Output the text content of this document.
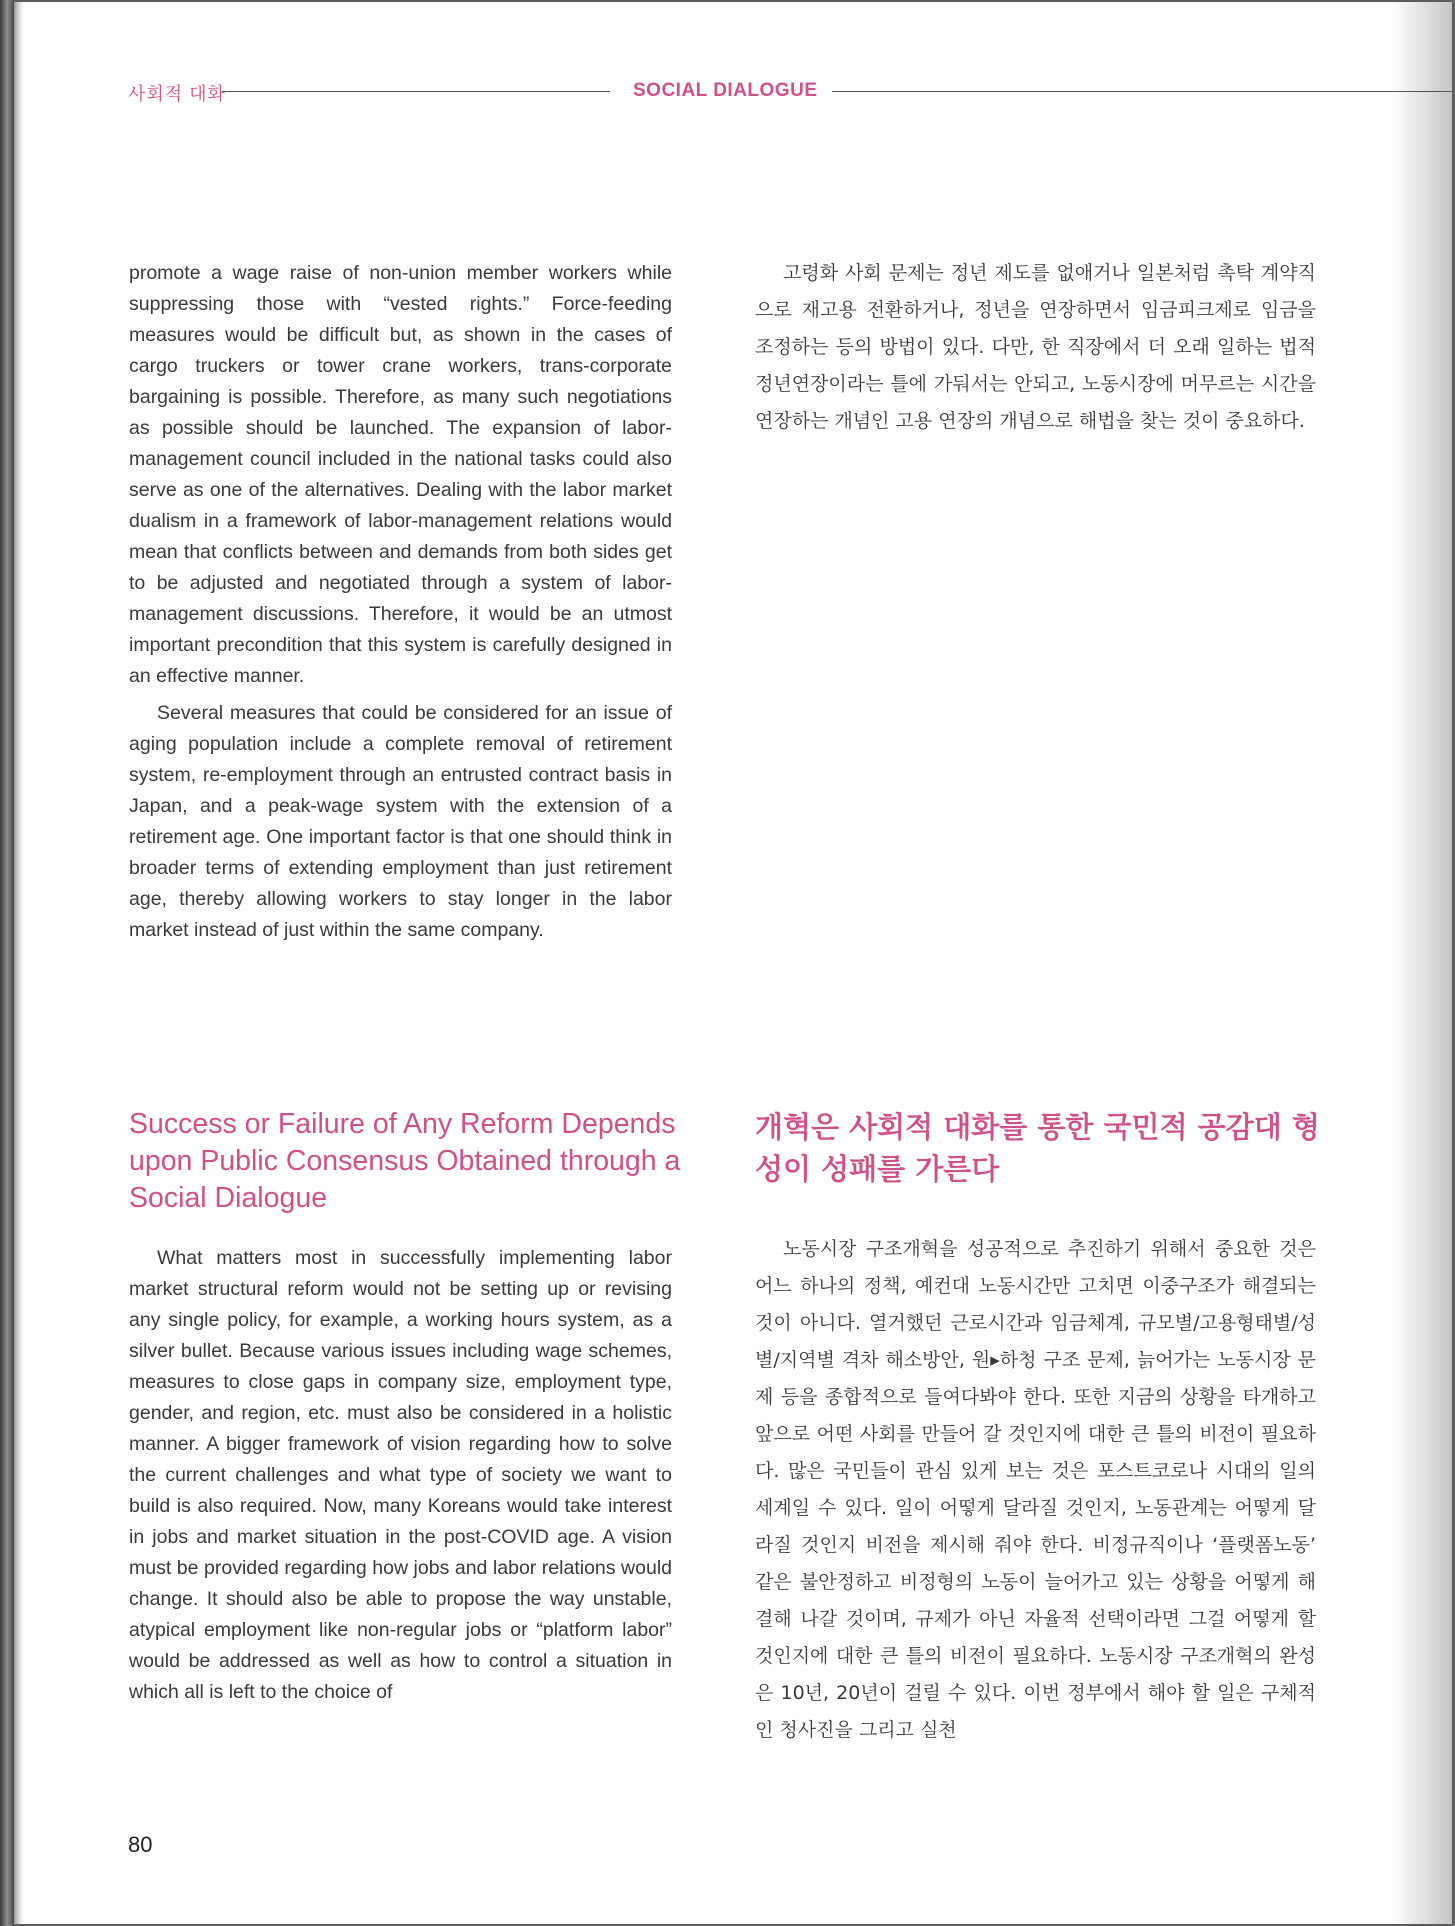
사회적 대화	SOCIAL DIALOGUE

promote a wage raise of non-union member workers while suppressing those with “vested rights.” Force-feeding measures would be difficult but, as shown in the cases of cargo truckers or tower crane workers, trans-corporate bargaining is possible. Therefore, as many such negotiations as possible should be launched. The expansion of labor-management council included in the national tasks could also serve as one of the alternatives. Dealing with the labor market dualism in a framework of labor-management relations would mean that conflicts between and demands from both sides get to be adjusted and negotiated through a system of labor-management discussions. Therefore, it would be an utmost important precondition that this system is carefully designed in an effective manner.

Several measures that could be considered for an issue of aging population include a complete removal of retirement system, re-employment through an entrusted contract basis in Japan, and a peak-wage system with the extension of a retirement age. One important factor is that one should think in broader terms of extending employment than just retirement age, thereby allowing workers to stay longer in the labor market instead of just within the same company.

고령화 사회 문제는 정년 제도를 없애거나 일본처럼 촉탁 계약직으로 재고용 전환하거나, 정년을 연장하면서 임금피크제로 임금을 조정하는 등의 방법이 있다. 다만, 한 직장에서 더 오래 일하는 법적 정년연장이라는 틀에 가둬서는 안되고, 노동시장에 머무르는 시간을 연장하는 개념인 고용 연장의 개념으로 해법을 찾는 것이 중요하다.

Success or Failure of Any Reform Depends upon Public Consensus Obtained through a Social Dialogue
개혁은 사회적 대화를 통한 국민적 공감대 형성이 성패를 가른다

What matters most in successfully implementing labor market structural reform would not be setting up or revising any single policy, for example, a working hours system, as a silver bullet. Because various issues including wage schemes, measures to close gaps in company size, employment type, gender, and region, etc. must also be considered in a holistic manner. A bigger framework of vision regarding how to solve the current challenges and what type of society we want to build is also required. Now, many Koreans would take interest in jobs and market situation in the post-COVID age. A vision must be provided regarding how jobs and labor relations would change. It should also be able to propose the way unstable, atypical employment like non-regular jobs or “platform labor” would be addressed as well as how to control a situation in which all is left to the choice of

노동시장 구조개혁을 성공적으로 추진하기 위해서 중요한 것은 어느 하나의 정책, 예컨대 노동시간만 고치면 이중구조가 해결되는 것이 아니다. 열거했던 근로시간과 임금체계, 규모별/고용형태별/성별/지역별 격차 해소방안, 원▸하청 구조 문제, 늙어가는 노동시장 문제 등을 종합적으로 들여다봐야 한다. 또한 지금의 상황을 타개하고 앞으로 어떤 사회를 만들어 갈 것인지에 대한 큰 틀의 비전이 필요하다. 많은 국민들이 관심 있게 보는 것은 포스트코로나 시대의 일의 세계일 수 있다. 일이 어떻게 달라질 것인지, 노동관계는 어떻게 달라질 것인지 비전을 제시해 줘야 한다. 비정규직이나 ‘플랫폼노동’ 같은 불안정하고 비정형의 노동이 늘어가고 있는 상황을 어떻게 해결해 나갈 것이며, 규제가 아닌 자율적 선택이라면 그걸 어떻게 할 것인지에 대한 큰 틀의 비전이 필요하다. 노동시장 구조개혁의 완성은 10년, 20년이 걸릴 수 있다. 이번 정부에서 해야 할 일은 구체적인 청사진을 그리고 실천

80
